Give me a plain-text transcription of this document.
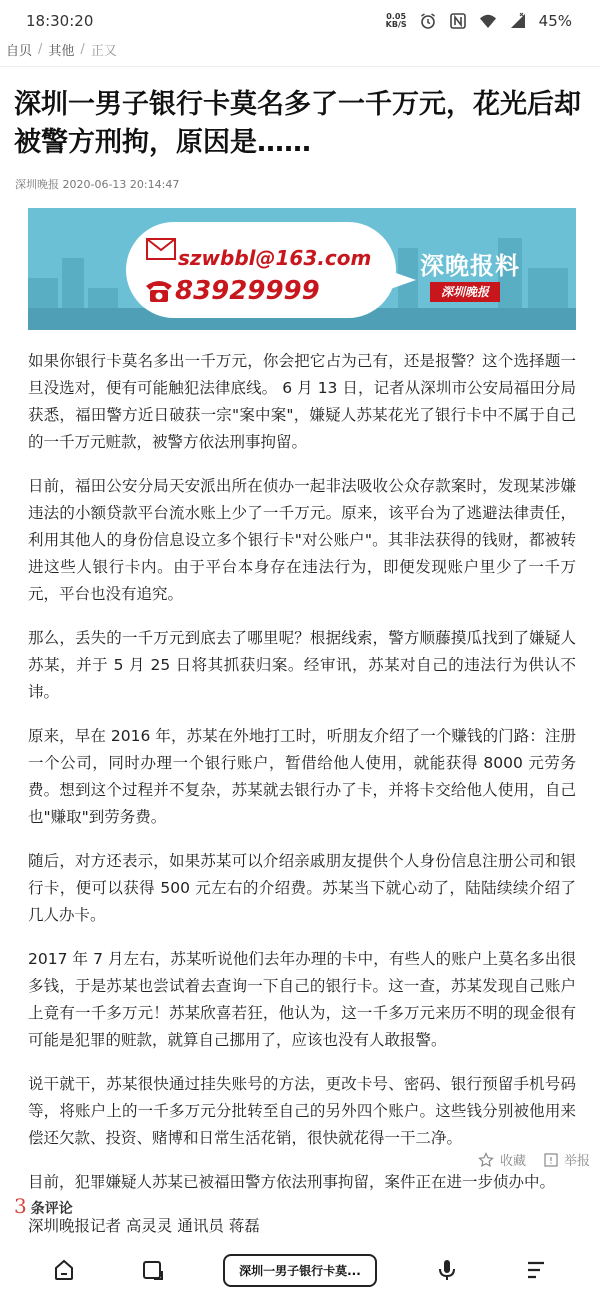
18:30:20	0.05
KB/S	45%
自贝 / 其他 / 正又
深圳一男子银行卡莫名多了一千万元，花光后却被警方刑拘，原因是……
深圳晚报 2020-06-13 20:14:47
szwbbl@163.com
83929999
深晚报料
深圳晚报

如果你银行卡莫名多出一千万元，你会把它占为己有，还是报警？这个选择题一旦没选对，便有可能触犯法律底线。 6 月 13 日，记者从深圳市公安局福田分局获悉，福田警方近日破获一宗"案中案"，嫌疑人苏某花光了银行卡中不属于自己的一千万元赃款，被警方依法刑事拘留。

日前，福田公安分局天安派出所在侦办一起非法吸收公众存款案时，发现某涉嫌违法的小额贷款平台流水账上少了一千万元。原来，该平台为了逃避法律责任，利用其他人的身份信息设立多个银行卡"对公账户"。其非法获得的钱财，都被转进这些人银行卡内。由于平台本身存在违法行为，即便发现账户里少了一千万元，平台也没有追究。

那么，丢失的一千万元到底去了哪里呢？根据线索，警方顺藤摸瓜找到了嫌疑人苏某，并于 5 月 25 日将其抓获归案。经审讯，苏某对自己的违法行为供认不讳。

原来，早在 2016 年，苏某在外地打工时，听朋友介绍了一个赚钱的门路：注册一个公司，同时办理一个银行账户，暂借给他人使用，就能获得 8000 元劳务费。想到这个过程并不复杂，苏某就去银行办了卡，并将卡交给他人使用，自己也"赚取"到劳务费。

随后，对方还表示，如果苏某可以介绍亲戚朋友提供个人身份信息注册公司和银行卡，便可以获得 500 元左右的介绍费。苏某当下就心动了，陆陆续续介绍了几人办卡。

2017 年 7 月左右，苏某听说他们去年办理的卡中，有些人的账户上莫名多出很多钱，于是苏某也尝试着去查询一下自己的银行卡。这一查，苏某发现自己账户上竟有一千多万元！苏某欣喜若狂，他认为，这一千多万元来历不明的现金很有可能是犯罪的赃款，就算自己挪用了，应该也没有人敢报警。

说干就干，苏某很快通过挂失账号的方法，更改卡号、密码、银行预留手机号码等，将账户上的一千多万元分批转至自己的另外四个账户。这些钱分别被他用来偿还欠款、投资、赌博和日常生活花销，很快就花得一干二净。

目前，犯罪嫌疑人苏某已被福田警方依法刑事拘留，案件正在进一步侦办中。

深圳晚报记者 高灵灵 通讯员 蒋磊
收藏	举报
3 条评论
深圳一男子银行卡莫...
